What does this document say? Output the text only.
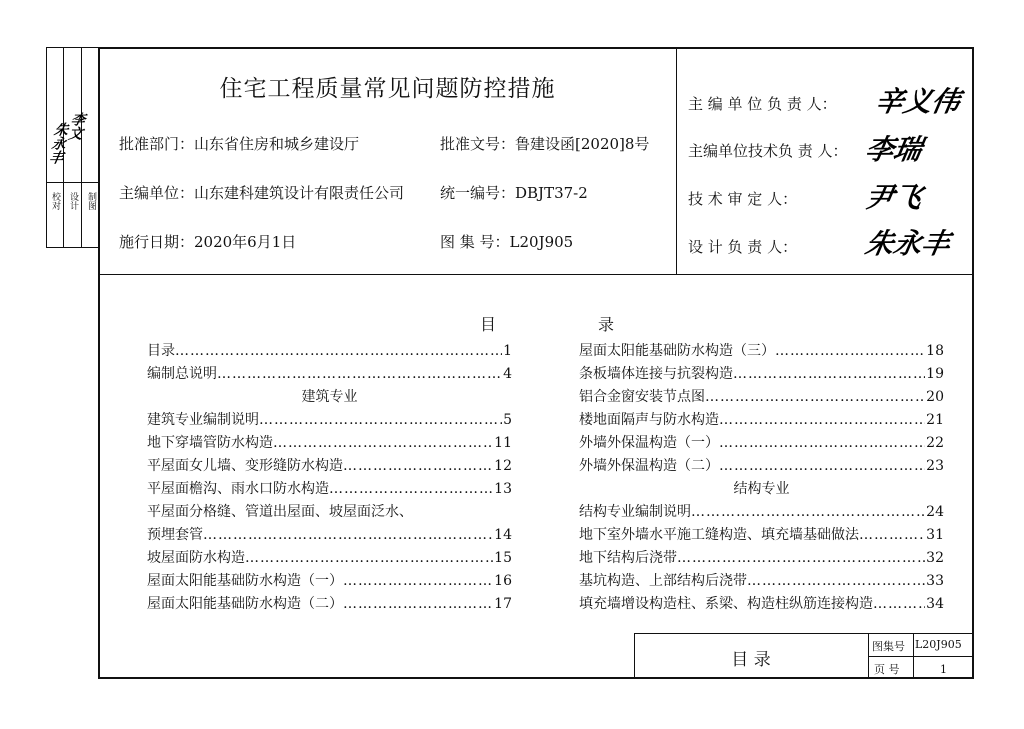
校对 设计 制图
朱永丰
李文
住宅工程质量常见问题防控措施
批准部门：山东省住房和城乡建设厅	批准文号：鲁建设函[2020]8号
主编单位：山东建科建筑设计有限责任公司 统一编号：DBJT37-2
施行日期：2020年6月1日	图 集 号：L20J905
主 编 单 位 负 责 人： 辛义伟
主编单位技术负 责 人： 李瑞
技 术 审 定 人： 尹飞
设 计 负 责 人： 朱永丰
目	录
目录 …………………………………………………………………………………………………	1
编制总说明 …………………………………………………………………………………………………	4
建筑专业
建筑专业编制说明 …………………………………………………………………………………………………	5
地下穿墙管防水构造 …………………………………………………………………………………………………	11
平屋面女儿墙、变形缝防水构造 …………………………………………………………………………………………………	12
平屋面檐沟、雨水口防水构造 …………………………………………………………………………………………………	13
平屋面分格缝、管道出屋面、坡屋面泛水、
预埋套管 …………………………………………………………………………………………………	14
坡屋面防水构造 …………………………………………………………………………………………………	15
屋面太阳能基础防水构造（一） …………………………………………………………………………………………………	16
屋面太阳能基础防水构造（二） …………………………………………………………………………………………………	17
屋面太阳能基础防水构造（三） …………………………………………………………………………………………………	18
条板墙体连接与抗裂构造 …………………………………………………………………………………………………	19
铝合金窗安装节点图 …………………………………………………………………………………………………	20
楼地面隔声与防水构造 …………………………………………………………………………………………………	21
外墙外保温构造（一） …………………………………………………………………………………………………	22
外墙外保温构造（二） …………………………………………………………………………………………………	23
结构专业
结构专业编制说明 …………………………………………………………………………………………………	24
地下室外墙水平施工缝构造、填充墙基础做法 …………………………………………………………………………………………………	31
地下结构后浇带 …………………………………………………………………………………………………	32
基坑构造、上部结构后浇带 …………………………………………………………………………………………………	33
填充墙增设构造柱、系梁、构造柱纵筋连接构造 …………………………………………………………………………………………………	34
目 录
图集号 L20J905
页 号	1
